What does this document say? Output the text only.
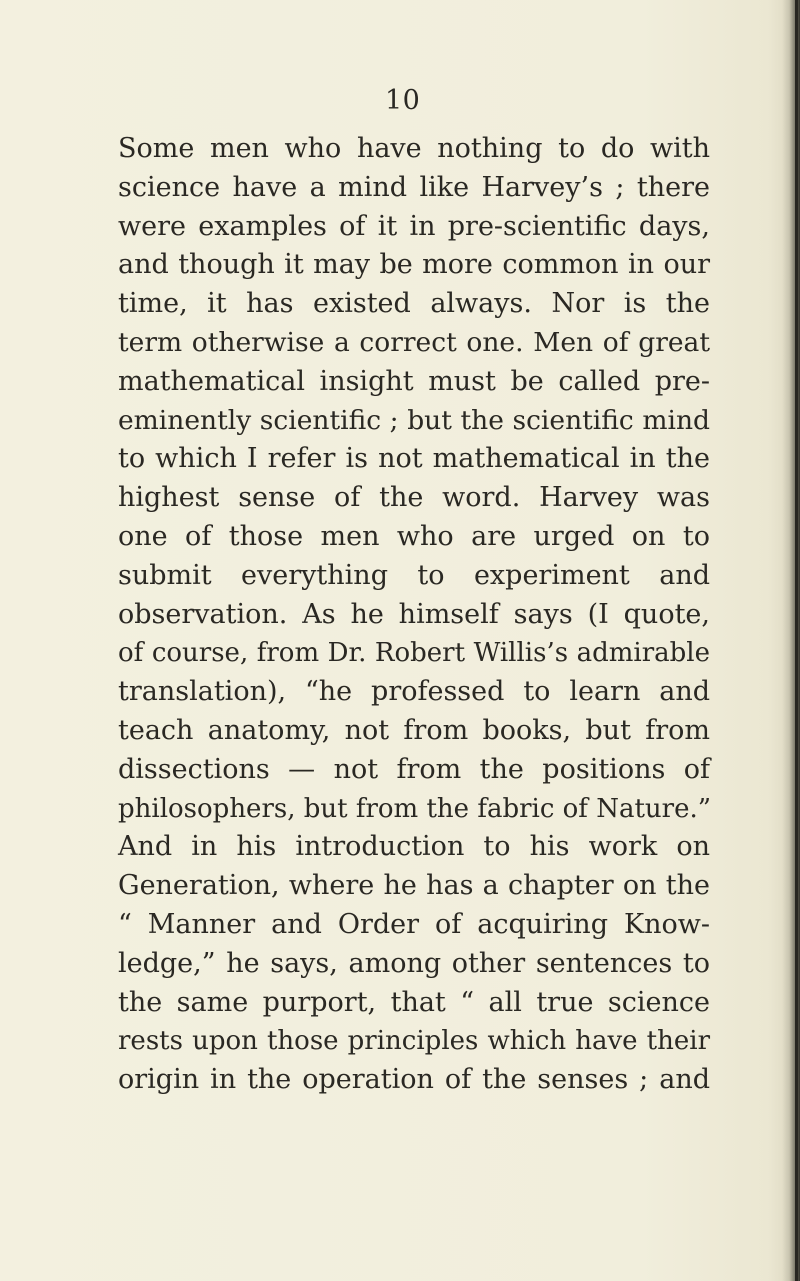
10
Some men who have nothing to do with
science have a mind like Harvey’s ; there
were examples of it in pre-scientific days,
and though it may be more common in our
time, it has existed always. Nor is the
term otherwise a correct one. Men of great
mathematical insight must be called pre-
eminently scientific ; but the scientific mind
to which I refer is not mathematical in the
highest sense of the word. Harvey was
one of those men who are urged on to
submit everything to experiment and
observation. As he himself says (I quote,
of course, from Dr. Robert Willis’s admirable
translation), “he professed to learn and
teach anatomy, not from books, but from
dissections — not from the positions of
philosophers, but from the fabric of Nature.”
And in his introduction to his work on
Generation, where he has a chapter on the
“ Manner and Order of acquiring Know-
ledge,” he says, among other sentences to
the same purport, that “ all true science
rests upon those principles which have their
origin in the operation of the senses ; and
